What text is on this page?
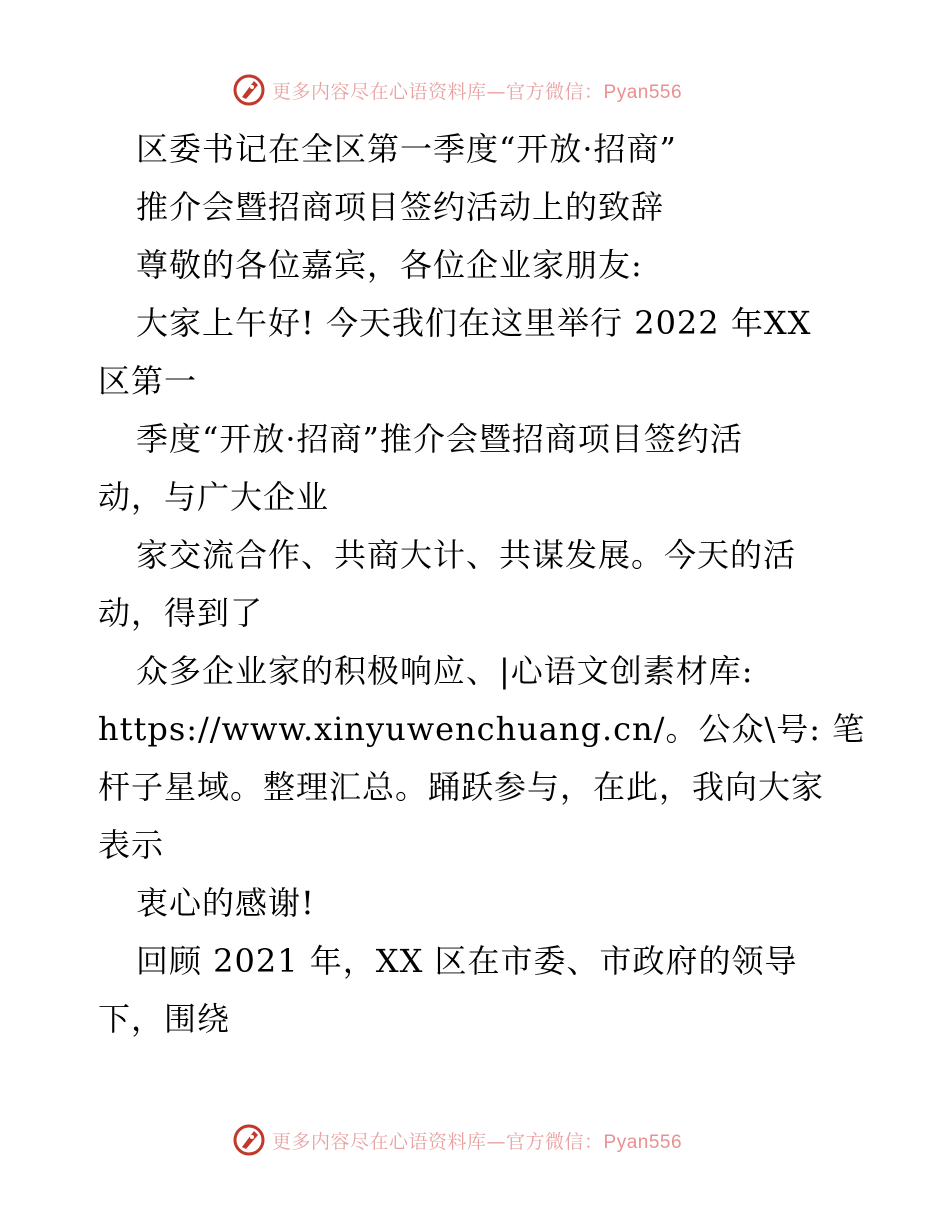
更多内容尽在心语资料库—官方微信：Pyan556
区委书记在全区第一季度“开放·招商”
推介会暨招商项目签约活动上的致辞
尊敬的各位嘉宾，各位企业家朋友:
大家上午好! 今天我们在这里举行 2022 年XX
区第一
季度“开放·招商”推介会暨招商项目签约活
动，与广大企业
家交流合作、共商大计、共谋发展。今天的活
动，得到了
众多企业家的积极响应、|心语文创素材库:
https://www.xinyuwenchuang.cn/。公众\号: 笔
杆子星域。整理汇总。踊跃参与，在此，我向大家
表示
衷心的感谢!
回顾 2021 年，XX 区在市委、市政府的领导
下，围绕
更多内容尽在心语资料库—官方微信：Pyan556
